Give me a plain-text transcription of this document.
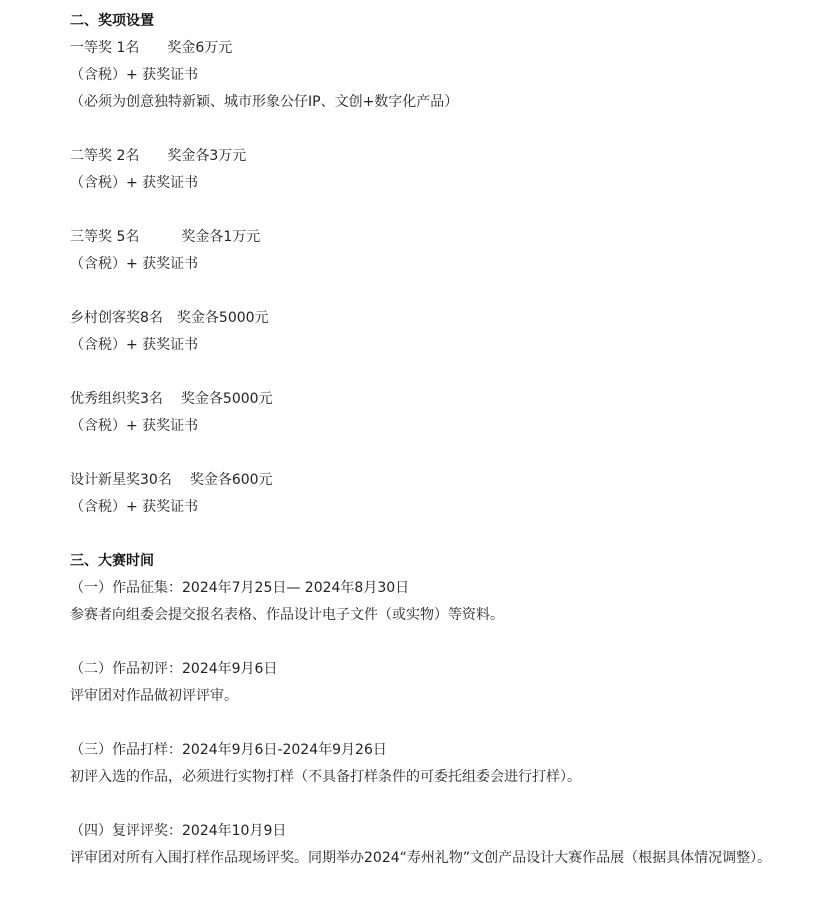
二、奖项设置
一等奖 1名 奖金6万元
（含税）+ 获奖证书
（必须为创意独特新颖、城市形象公仔IP、文创+数字化产品）
二等奖 2名 奖金各3万元
（含税）+ 获奖证书
三等奖 5名	奖金各1万元
（含税）+ 获奖证书
乡村创客奖8名 奖金各5000元
（含税）+ 获奖证书
优秀组织奖3名 奖金各5000元
（含税）+ 获奖证书
设计新星奖30名 奖金各600元
（含税）+ 获奖证书
三、大赛时间
（一）作品征集：2024年7月25日— 2024年8月30日
参赛者向组委会提交报名表格、作品设计电子文件（或实物）等资料。
（二）作品初评：2024年9月6日
评审团对作品做初评评审。
（三）作品打样：2024年9月6日-2024年9月26日
初评入选的作品，必须进行实物打样（不具备打样条件的可委托组委会进行打样）。
（四）复评评奖：2024年10月9日
评审团对所有入围打样作品现场评奖。同期举办2024“寿州礼物”文创产品设计大赛作品展（根据具体情况调整）。
